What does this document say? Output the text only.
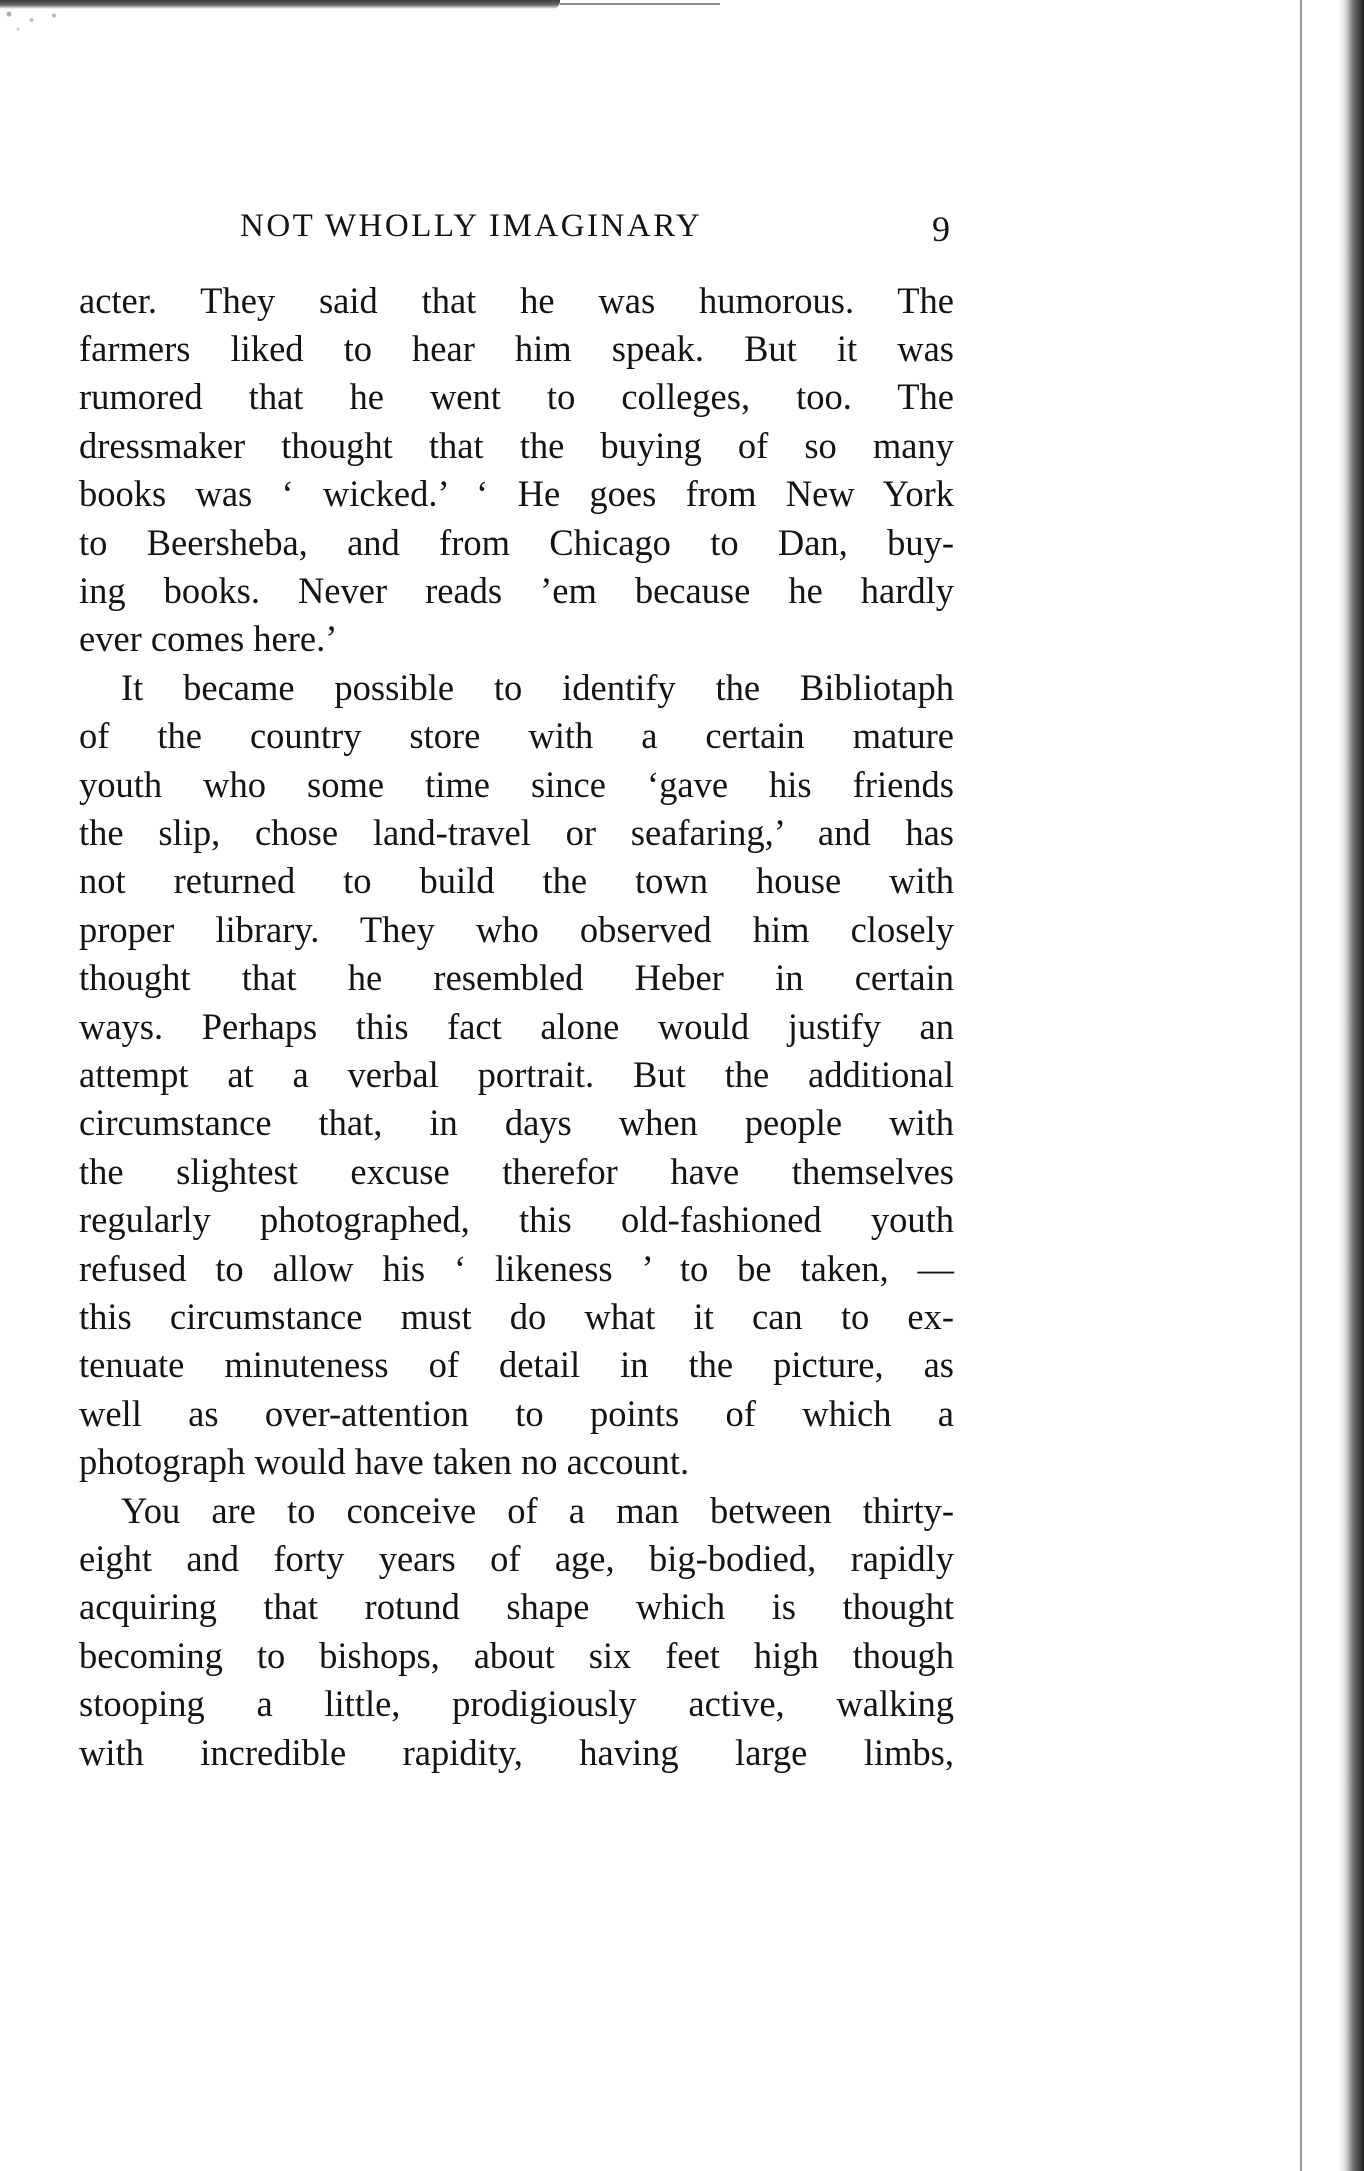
NOT WHOLLY IMAGINARY	9
acter. They said that he was humorous. The
farmers liked to hear him speak. But it was
rumored that he went to colleges, too. The
dressmaker thought that the buying of so many
books was ‘ wicked.’ ‘ He goes from New York
to Beersheba, and from Chicago to Dan, buy-
ing books. Never reads ’em because he hardly
ever comes here.’
It became possible to identify the Bibliotaph
of the country store with a certain mature
youth who some time since ‘gave his friends
the slip, chose land-travel or seafaring,’ and has
not returned to build the town house with
proper library. They who observed him closely
thought that he resembled Heber in certain
ways. Perhaps this fact alone would justify an
attempt at a verbal portrait. But the additional
circumstance that, in days when people with
the slightest excuse therefor have themselves
regularly photographed, this old-fashioned youth
refused to allow his ‘ likeness ’ to be taken, —
this circumstance must do what it can to ex-
tenuate minuteness of detail in the picture, as
well as over-attention to points of which a
photograph would have taken no account.
You are to conceive of a man between thirty-
eight and forty years of age, big-bodied, rapidly
acquiring that rotund shape which is thought
becoming to bishops, about six feet high though
stooping a little, prodigiously active, walking
with incredible rapidity, having large limbs,
